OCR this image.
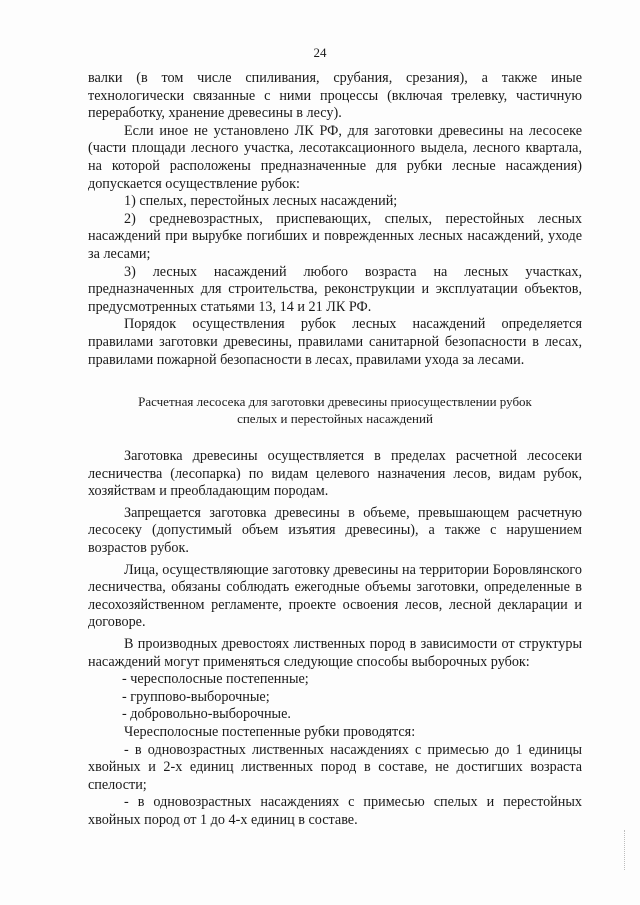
24

валки (в том числе спиливания, срубания, срезания), а также иные технологически связанные с ними процессы (включая трелевку, частичную переработку, хранение древесины в лесу).

Если иное не установлено ЛК РФ, для заготовки древесины на лесосеке (части площади лесного участка, лесотаксационного выдела, лесного квартала, на которой расположены предназначенные для рубки лесные насаждения) допускается осуществление рубок:

1) спелых, перестойных лесных насаждений;

2) средневозрастных, приспевающих, спелых, перестойных лесных насаждений при вырубке погибших и поврежденных лесных насаждений, уходе за лесами;

3) лесных насаждений любого возраста на лесных участках, предназначенных для строительства, реконструкции и эксплуатации объектов, предусмотренных статьями 13, 14 и 21 ЛК РФ.

Порядок осуществления рубок лесных насаждений определяется правилами заготовки древесины, правилами санитарной безопасности в лесах, правилами пожарной безопасности в лесах, правилами ухода за лесами.

Расчетная лесосека для заготовки древесины приосуществлении рубок
спелых и перестойных насаждений

Заготовка древесины осуществляется в пределах расчетной лесосеки лесничества (лесопарка) по видам целевого назначения лесов, видам рубок, хозяйствам и преобладающим породам.

Запрещается заготовка древесины в объеме, превышающем расчетную лесосеку (допустимый объем изъятия древесины), а также с нарушением возрастов рубок.

Лица, осуществляющие заготовку древесины на территории Боровлянского лесничества, обязаны соблюдать ежегодные объемы заготовки, определенные в лесохозяйственном регламенте, проекте освоения лесов, лесной декларации и договоре.

В производных древостоях лиственных пород в зависимости от структуры насаждений могут применяться следующие способы выборочных рубок:

- чересполосные постепенные;

- группово-выборочные;

- добровольно-выборочные.

Чересполосные постепенные рубки проводятся:

- в одновозрастных лиственных насаждениях с примесью до 1 единицы хвойных и 2-х единиц лиственных пород в составе, не достигших возраста спелости;

- в одновозрастных насаждениях с примесью спелых и перестойных хвойных пород от 1 до 4-х единиц в составе.
